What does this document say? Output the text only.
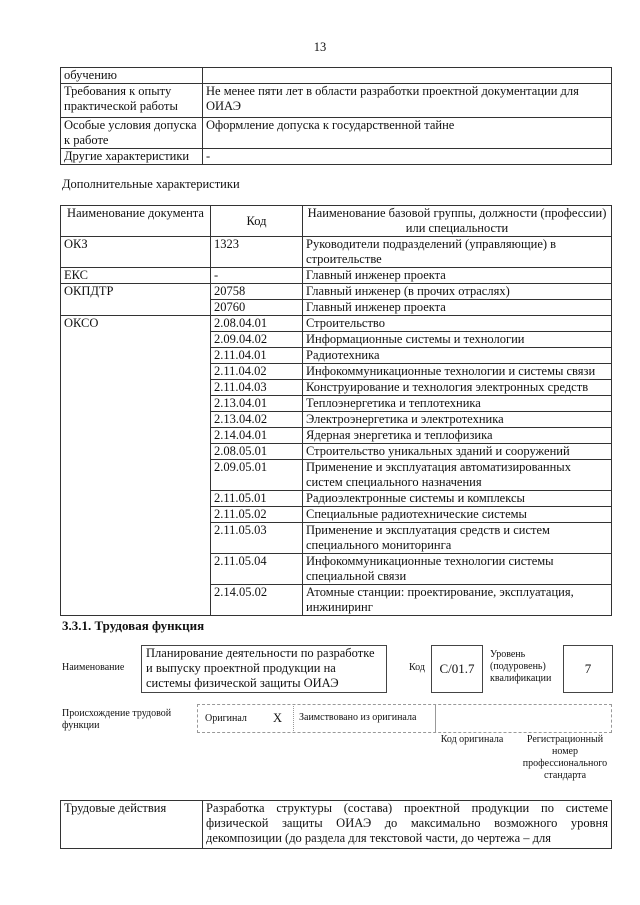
13
обучению	
Требования к опыту практической работы	Не менее пяти лет в области разработки проектной документации для ОИАЭ
Особые условия допуска к работе	Оформление допуска к государственной тайне
Другие характеристики	-
Дополнительные характеристики
Наименование документа	Код	Наименование базовой группы, должности (профессии) или специальности
ОКЗ	1323	Руководители подразделений (управляющие) в строительстве
ЕКС	-	Главный инженер проекта
ОКПДТР	20758	Главный инженер (в прочих отраслях)
	20760	Главный инженер проекта
ОКСО	2.08.04.01	Строительство
	2.09.04.02	Информационные системы и технологии
	2.11.04.01	Радиотехника
	2.11.04.02	Инфокоммуникационные технологии и системы связи
	2.11.04.03	Конструирование и технология электронных средств
	2.13.04.01	Теплоэнергетика и теплотехника
	2.13.04.02	Электроэнергетика и электротехника
	2.14.04.01	Ядерная энергетика и теплофизика
	2.08.05.01	Строительство уникальных зданий и сооружений
	2.09.05.01	Применение и эксплуатация автоматизированных систем специального назначения
	2.11.05.01	Радиоэлектронные системы и комплексы
	2.11.05.02	Специальные радиотехнические системы
	2.11.05.03	Применение и эксплуатация средств и систем специального мониторинга
	2.11.05.04	Инфокоммуникационные технологии системы специальной связи
	2.14.05.02	Атомные станции: проектирование, эксплуатация, инжиниринг
3.3.1. Трудовая функция
Наименование
Планирование деятельности по разработке и выпуску проектной продукции на системы физической защиты ОИАЭ
Код	С/01.7
Уровень (подуровень) квалификации
7
Происхождение трудовой функции
Оригинал X Заимствовано из оригинала
Код оригинала	Регистрационный номер профессионального стандарта
Трудовые действия	Разработка структуры (состава) проектной продукции по системе физической защиты ОИАЭ до максимально возможного уровня декомпозиции (до раздела для текстовой части, до чертежа – для
